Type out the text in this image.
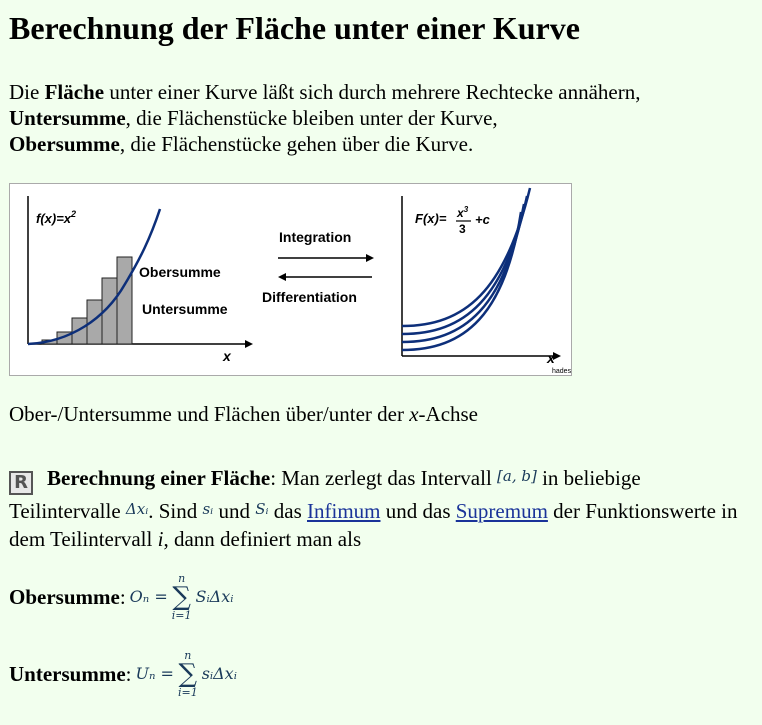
Berechnung der Fläche unter einer Kurve

Die Fläche unter einer Kurve läßt sich durch mehrere Rechtecke annähern,
Untersumme, die Flächenstücke bleiben unter der Kurve,
Obersumme, die Flächenstücke gehen über die Kurve.

$f(x)=x^2$
Obersumme
Untersumme
x
Integration
Differentiation
$F(x)= x^3$
3
+c
x
hades

Ober-/Untersumme und Flächen über/unter der x-Achse

R Berechnung einer Fläche: Man zerlegt das Intervall [a, b] in beliebige Teilintervalle Δxᵢ. Sind sᵢ und Sᵢ das Infimum und das Supremum der Funktionswerte in dem Teilintervall i, dann definiert man als

Obersumme : Oₙ =
n
∑
i=1
SᵢΔxᵢ
Untersumme : Uₙ =
n
∑
i=1
sᵢΔxᵢ
